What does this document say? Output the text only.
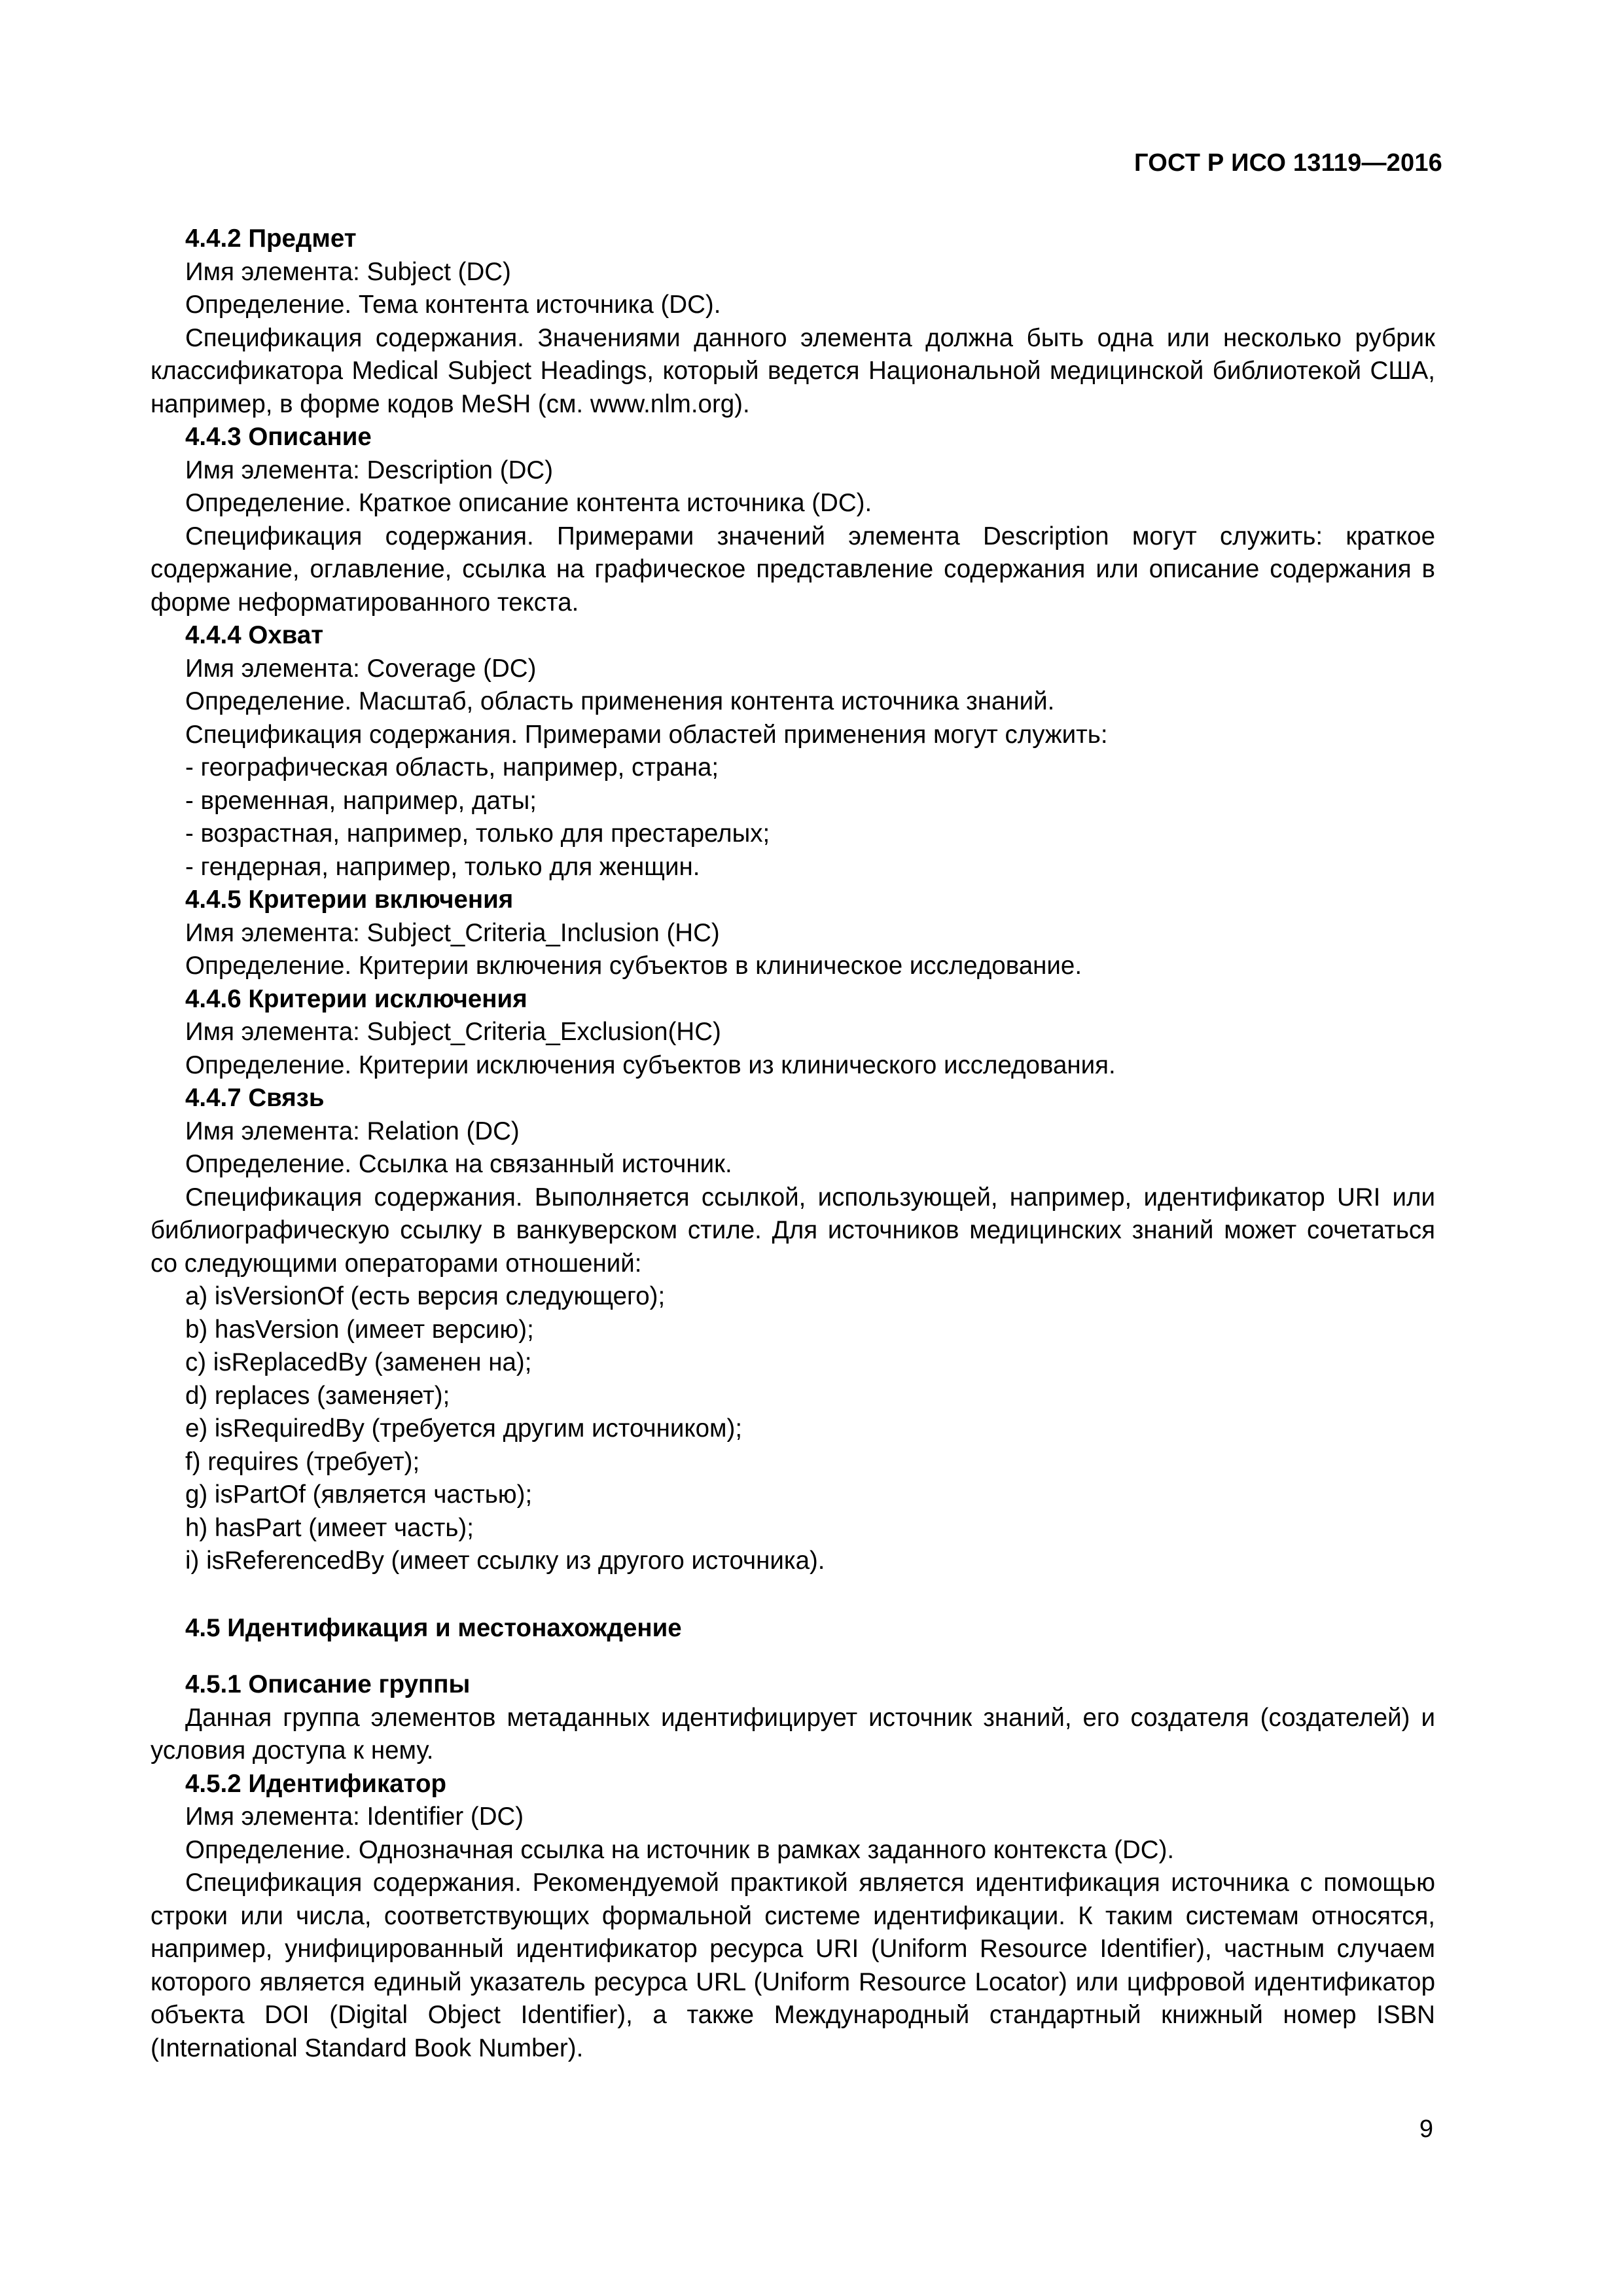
ГОСТ Р ИСО 13119—2016

4.4.2 Предмет

Имя элемента: Subject (DC)

Определение. Тема контента источника (DC).

Спецификация содержания. Значениями данного элемента должна быть одна или несколько рубрик классификатора Medical Subject Headings, который ведется Национальной медицинской библиотекой США, например, в форме кодов MeSH (см. www.nlm.org).

4.4.3 Описание

Имя элемента: Description (DC)

Определение. Краткое описание контента источника (DC).

Спецификация содержания. Примерами значений элемента Description могут служить: краткое содержание, оглавление, ссылка на графическое представление содержания или описание содержания в форме неформатированного текста.

4.4.4 Охват

Имя элемента: Coverage (DC)

Определение. Масштаб, область применения контента источника знаний.

Спецификация содержания. Примерами областей применения могут служить:

- географическая область, например, страна;

- временная, например, даты;

- возрастная, например, только для престарелых;

- гендерная, например, только для женщин.

4.4.5 Критерии включения

Имя элемента: Subject_Criteria_Inclusion (HC)

Определение. Критерии включения субъектов в клиническое исследование.

4.4.6 Критерии исключения

Имя элемента: Subject_Criteria_Exclusion(HC)

Определение. Критерии исключения субъектов из клинического исследования.

4.4.7 Связь

Имя элемента: Relation (DC)

Определение. Ссылка на связанный источник.

Спецификация содержания. Выполняется ссылкой, использующей, например, идентификатор URI или библиографическую ссылку в ванкуверском стиле. Для источников медицинских знаний может сочетаться со следующими операторами отношений:

a) isVersionOf (есть версия следующего);

b) hasVersion (имеет версию);

c) isReplacedBy (заменен на);

d) replaces (заменяет);

e) isRequiredBy (требуется другим источником);

f) requires (требует);

g) isPartOf (является частью);

h) hasPart (имеет часть);

i) isReferencedBy (имеет ссылку из другого источника).

4.5 Идентификация и местонахождение

4.5.1 Описание группы

Данная группа элементов метаданных идентифицирует источник знаний, его создателя (создателей) и условия доступа к нему.

4.5.2 Идентификатор

Имя элемента: Identifier (DC)

Определение. Однозначная ссылка на источник в рамках заданного контекста (DC).

Спецификация содержания. Рекомендуемой практикой является идентификация источника с помощью строки или числа, соответствующих формальной системе идентификации. К таким системам относятся, например, унифицированный идентификатор ресурса URI (Uniform Resource Identifier), частным случаем которого является единый указатель ресурса URL (Uniform Resource Locator) или цифровой идентификатор объекта DOI (Digital Object Identifier), а также Международный стандартный книжный номер ISBN (International Standard Book Number).

9
